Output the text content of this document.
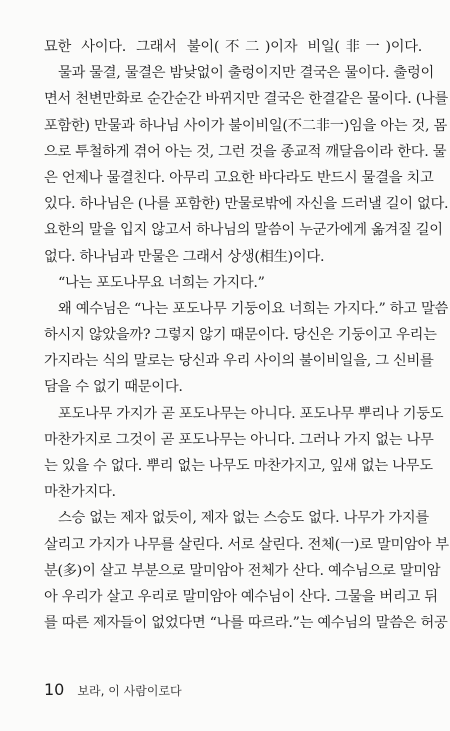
묘한 사이다. 그래서 불이(不二)이자 비일(非一)이다.
물과 물결, 물결은 밤낮없이 출렁이지만 결국은 물이다. 출렁이
면서 천변만화로 순간순간 바뀌지만 결국은 한결같은 물이다. (나를
포함한) 만물과 하나님 사이가 불이비일(不二非一)임을 아는 것, 몸
으로 투철하게 겪어 아는 것, 그런 것을 종교적 깨달음이라 한다. 물
은 언제나 물결친다. 아무리 고요한 바다라도 반드시 물결을 치고
있다. 하나님은 (나를 포함한) 만물로밖에 자신을 드러낼 길이 없다.
요한의 말을 입지 않고서 하나님의 말씀이 누군가에게 옮겨질 길이
없다. 하나님과 만물은 그래서 상생(相生)이다.
“나는 포도나무요 너희는 가지다.”
왜 예수님은 “나는 포도나무 기둥이요 너희는 가지다.” 하고 말씀
하시지 않았을까? 그렇지 않기 때문이다. 당신은 기둥이고 우리는
가지라는 식의 말로는 당신과 우리 사이의 불이비일을, 그 신비를
담을 수 없기 때문이다.
포도나무 가지가 곧 포도나무는 아니다. 포도나무 뿌리나 기둥도
마찬가지로 그것이 곧 포도나무는 아니다. 그러나 가지 없는 나무
는 있을 수 없다. 뿌리 없는 나무도 마찬가지고, 잎새 없는 나무도
마찬가지다.
스승 없는 제자 없듯이, 제자 없는 스승도 없다. 나무가 가지를
살리고 가지가 나무를 살린다. 서로 살린다. 전체(一)로 말미암아 부
분(多)이 살고 부분으로 말미암아 전체가 산다. 예수님으로 말미암
아 우리가 살고 우리로 말미암아 예수님이 산다. 그물을 버리고 뒤
를 따른 제자들이 없었다면 “나를 따르라.”는 예수님의 말씀은 허공
10 보라, 이 사람이로다
